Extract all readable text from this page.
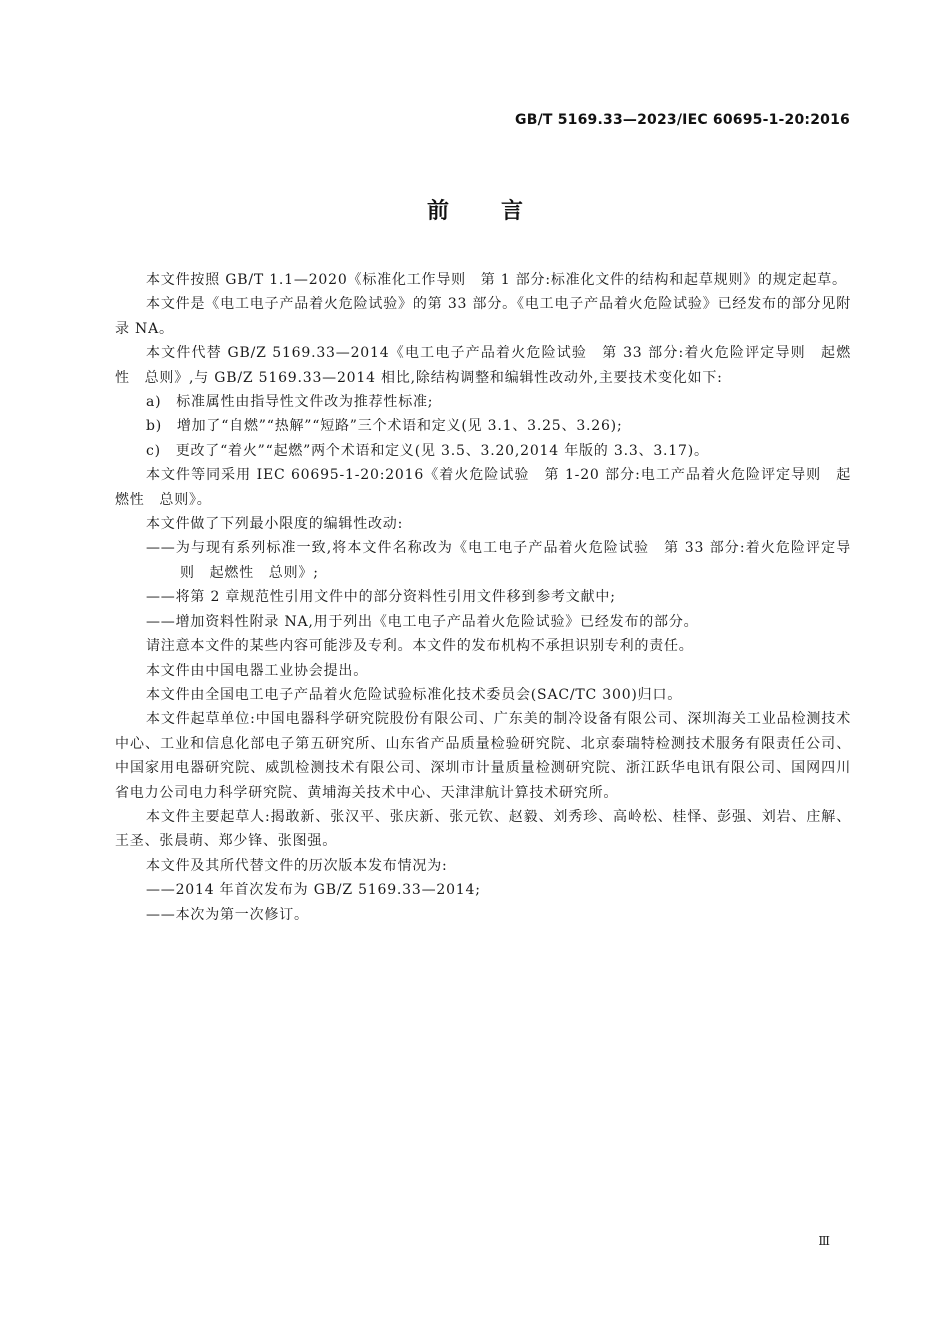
GB/T 5169.33—2023/IEC 60695-1-20:2016
前言

本文件按照 GB/T 1.1—2020《标准化工作导则　第 1 部分:标准化文件的结构和起草规则》的规定起草。

本文件是《电工电子产品着火危险试验》的第 33 部分。《电工电子产品着火危险试验》已经发布的部分见附录 NA。

本文件代替 GB/Z 5169.33—2014《电工电子产品着火危险试验　第 33 部分:着火危险评定导则　起燃性　总则》,与 GB/Z 5169.33—2014 相比,除结构调整和编辑性改动外,主要技术变化如下:

a)　标准属性由指导性文件改为推荐性标准;

b)　增加了“自燃”“热解”“短路”三个术语和定义(见 3.1、3.25、3.26);

c)　更改了“着火”“起燃”两个术语和定义(见 3.5、3.20,2014 年版的 3.3、3.17)。

本文件等同采用 IEC 60695-1-20:2016《着火危险试验　第 1-20 部分:电工产品着火危险评定导则　起燃性　总则》。

本文件做了下列最小限度的编辑性改动:

——为与现有系列标准一致,将本文件名称改为《电工电子产品着火危险试验　第 33 部分:着火危险评定导则　起燃性　总则》;

——将第 2 章规范性引用文件中的部分资料性引用文件移到参考文献中;

——增加资料性附录 NA,用于列出《电工电子产品着火危险试验》已经发布的部分。

请注意本文件的某些内容可能涉及专利。本文件的发布机构不承担识别专利的责任。

本文件由中国电器工业协会提出。

本文件由全国电工电子产品着火危险试验标准化技术委员会(SAC/TC 300)归口。

本文件起草单位:中国电器科学研究院股份有限公司、广东美的制冷设备有限公司、深圳海关工业品检测技术中心、工业和信息化部电子第五研究所、山东省产品质量检验研究院、北京泰瑞特检测技术服务有限责任公司、中国家用电器研究院、威凯检测技术有限公司、深圳市计量质量检测研究院、浙江跃华电讯有限公司、国网四川省电力公司电力科学研究院、黄埔海关技术中心、天津津航计算技术研究所。

本文件主要起草人:揭敢新、张汉平、张庆新、张元钦、赵毅、刘秀珍、高岭松、桂怿、彭强、刘岩、庄解、王圣、张晨萌、郑少锋、张图强。

本文件及其所代替文件的历次版本发布情况为:

——2014 年首次发布为 GB/Z 5169.33—2014;

——本次为第一次修订。

Ⅲ
